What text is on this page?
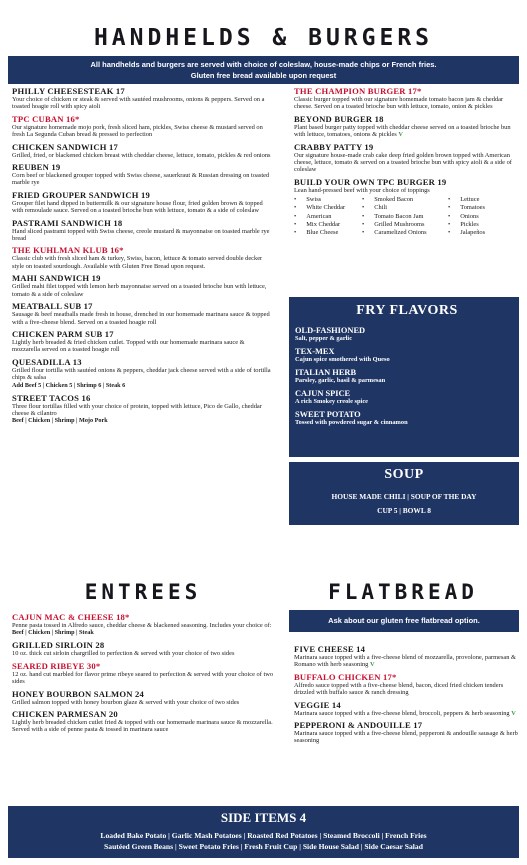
HANDHELDS & BURGERS
All handhelds and burgers are served with choice of coleslaw, house-made chips or French fries.
Gluten free bread available upon request
PHILLY CHEESESTEAK 17
Your choice of chicken or steak & served with sautéed mushrooms, onions & peppers. Served on a toasted hoagie roll with spicy aioli
TPC CUBAN 16*
Our signature homemade mojo pork, fresh sliced ham, pickles, Swiss cheese & mustard served on fresh La Segunda Cuban bread & pressed to perfection
CHICKEN SANDWICH 17
Grilled, fried, or blackened chicken breast with cheddar cheese, lettuce, tomato, pickles & red onions
REUBEN 19
Corn beef or blackened grouper topped with Swiss cheese, sauerkraut & Russian dressing on toasted marble rye
FRIED GROUPER SANDWICH 19
Grouper filet hand dipped in buttermilk & our signature house flour, fried golden brown & topped with remoulade sauce. Served on a toasted brioche bun with lettuce, tomato & a side of coleslaw
PASTRAMI SANDWICH 18
Hand sliced pastrami topped with Swiss cheese, creole mustard & mayonnaise on toasted marble rye bread
THE KUHLMAN KLUB 16*
Classic club with fresh sliced ham & turkey, Swiss, bacon, lettuce & tomato served double decker style on toasted sourdough. Available with Gluten Free Bread upon request.
MAHI SANDWICH 19
Grilled mahi filet topped with lemon herb mayonnaise served on a toasted brioche bun with lettuce, tomato & a side of coleslaw
MEATBALL SUB 17
Sausage & beef meatballs made fresh in house, drenched in our homemade marinara sauce & topped with a five-cheese blend. Served on a toasted hoagie roll
CHICKEN PARM SUB 17
Lightly herb breaded & fried chicken cutlet. Topped with our homemade marinara sauce & mozzarella served on a toasted hoagie roll
QUESADILLA 13
Grilled flour tortilla with sautéed onions & peppers, cheddar jack cheese served with a side of tortilla chips & salsa
Add Beef 5 | Chicken 5 | Shrimp 6 | Steak 6
STREET TACOS 16
Three flour tortillas filled with your choice of protein, topped with lettuce, Pico de Gallo, cheddar cheese & cilantro
Beef | Chicken | Shrimp | Mojo Pork
THE CHAMPION BURGER 17*
Classic burger topped with our signature homemade tomato bacon jam & cheddar cheese. Served on a toasted brioche bun with lettuce, tomato, onion & pickles
BEYOND BURGER 18
Plant based burger patty topped with cheddar cheese served on a toasted brioche bun with lettuce, tomatoes, onions & pickles V
CRABBY PATTY 19
Our signature house-made crab cake deep fried golden brown topped with American cheese, lettuce, tomato & served on a toasted brioche bun with spicy aioli & a side of coleslaw
BUILD YOUR OWN TPC BURGER 19
Lean hand-pressed beef with your choice of toppings
• Swiss
• White Cheddar
• American
• Mix Cheddar
• Blue Cheese
• Smoked Bacon
• Chili
• Tomato Bacon Jam
• Grilled Mushrooms
• Caramelized Onions
• Lettuce
• Tomatoes
• Onions
• Pickles
• Jalapeños
FRY FLAVORS
OLD-FASHIONED
Salt, pepper & garlic
TEX-MEX
Cajun spice smothered with Queso
ITALIAN HERB
Parsley, garlic, basil & parmesan
CAJUN SPICE
A rich Smokey creole spice
SWEET POTATO
Tossed with powdered sugar & cinnamon
SOUP
HOUSE MADE CHILI | SOUP OF THE DAY
CUP 5 | BOWL 8
ENTREES	FLATBREAD
Ask about our gluten free flatbread option.
CAJUN MAC & CHEESE 18*
Penne pasta tossed in Alfredo sauce, cheddar cheese & blackened seasoning. Includes your choice of:
Beef | Chicken | Shrimp | Steak
GRILLED SIRLOIN 28
10 oz. thick cut sirloin chargrilled to perfection & served with your choice of two sides
SEARED RIBEYE 30*
12 oz. hand cut marbled for flavor prime ribeye seared to perfection & served with your choice of two sides
HONEY BOURBON SALMON 24
Grilled salmon topped with honey bourbon glaze & served with your choice of two sides
CHICKEN PARMESAN 20
Lightly herb breaded chicken cutlet fried & topped with our homemade marinara sauce & mozzarella. Served with a side of penne pasta & tossed in marinara sauce
FIVE CHEESE 14
Marinara sauce topped with a five-cheese blend of mozzarella, provolone, parmesan & Romano with herb seasoning V
BUFFALO CHICKEN 17*
Alfredo sauce topped with a five-cheese blend, bacon, diced fried chicken tenders drizzled with buffalo sauce & ranch dressing
VEGGIE 14
Marinara sauce topped with a five-cheese blend, broccoli, peppers & herb seasoning V
PEPPERONI & ANDOUILLE 17
Marinara sauce topped with a five-cheese blend, pepperoni & andouille sausage & herb seasoning
SIDE ITEMS 4
Loaded Bake Potato | Garlic Mash Potatoes | Roasted Red Potatoes | Steamed Broccoli | French Fries
Sautéed Green Beans | Sweet Potato Fries | Fresh Fruit Cup | Side House Salad | Side Caesar Salad
